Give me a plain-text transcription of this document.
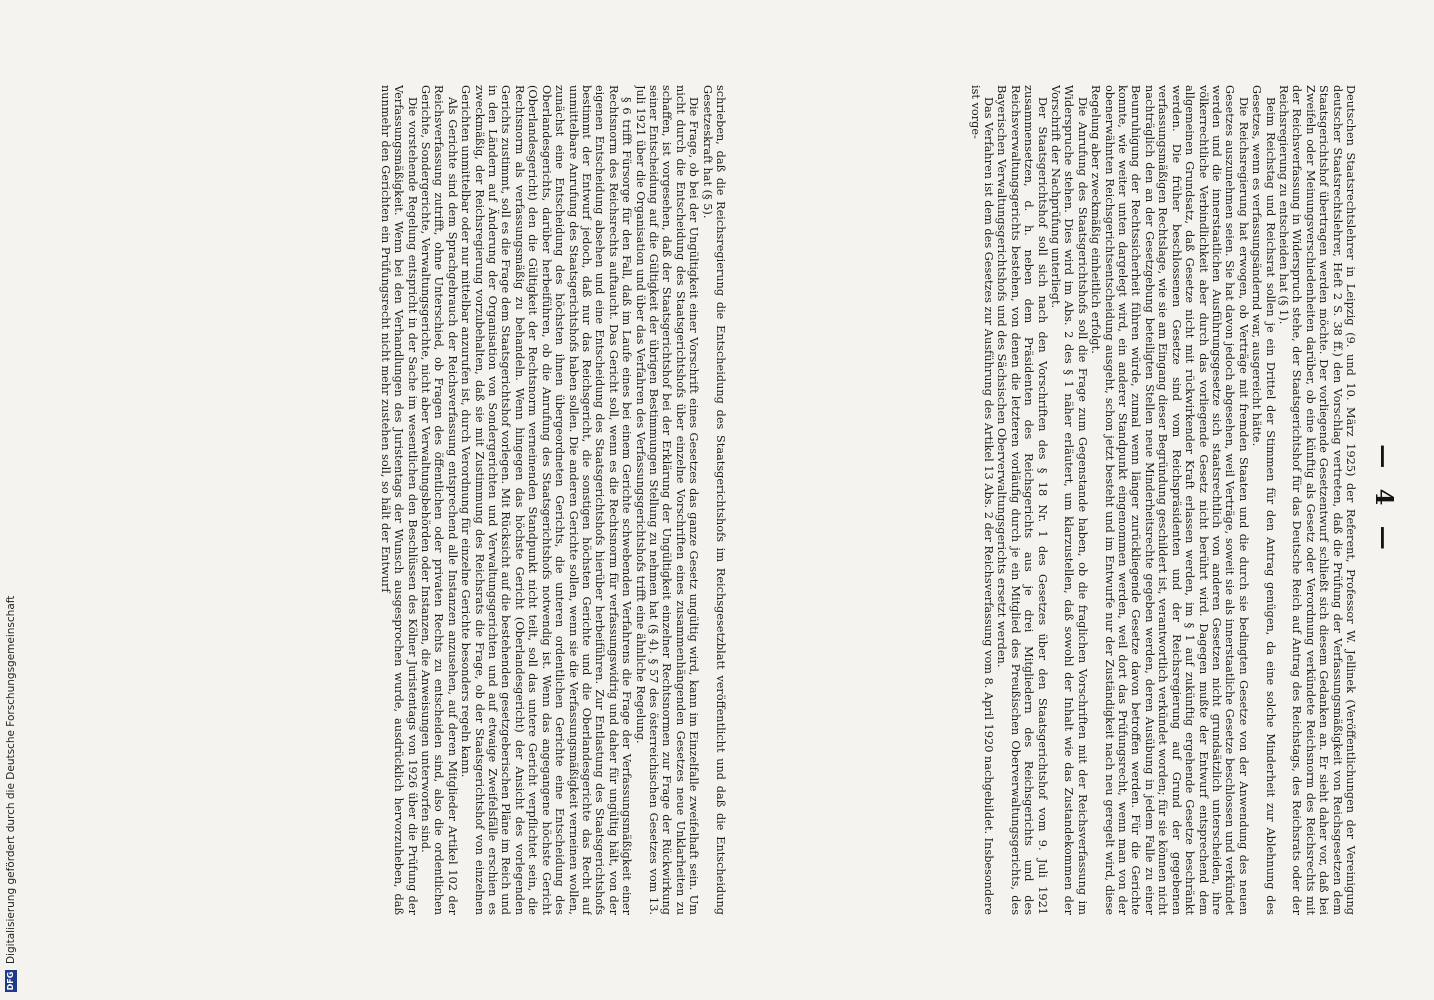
— 4 —

Deutschen Staatsrechtslehrer in Leipzig (9. und 10. März 1925) der Referent, Professor W. Jellinek (Veröffentlichungen der Vereinigung deutscher Staatsrechtslehrer, Heft 2 S. 38 ff.) den Vorschlag vertreten, daß die Prüfung der Verfassungsmäßigkeit von Reichsgesetzen dem Staatsgerichtshof übertragen werden möchte. Der vorliegende Gesetzentwurf schließt sich diesem Gedanken an. Er sieht daher vor, daß bei Zweifeln oder Meinungsverschiedenheiten darüber, ob eine künftig als Gesetz oder Verordnung verkündete Reichsnorm des Reichsrechts mit der Reichsverfassung in Widerspruch stehe, der Staatsgerichtshof für das Deutsche Reich auf Antrag des Reichstags, des Reichsrats oder der Reichsregierung zu entscheiden hat (§ 1).

Beim Reichstag und Reichsrat sollen je ein Drittel der Stimmen für den Antrag genügen, da eine solche Minderheit zur Ablehnung des Gesetzes, wenn es verfassungsändernd war, ausgereicht hätte.

Die Reichsregierung hat erwogen, ob Verträge mit fremden Staaten und die durch sie bedingten Gesetze von der Anwendung des neuen Gesetzes auszunehmen seien. Sie hat davon jedoch abgesehen, weil Verträge, soweit sie als innerstaatliche Gesetze beschlossen und verkündet werden und die innerstaatlichen Ausführungsgesetze sich staatsrechtlich von anderen Gesetzen nicht grundsätzlich unterscheiden, ihre völkerrechtliche Verbindlichkeit aber durch das vorliegende Gesetz nicht berührt wird. Dagegen mußte der Entwurf entsprechend dem allgemeinen Grundsatz, daß Gesetze nicht mit rückwirkender Kraft erlassen werden, im § 1 auf zukünftig ergehende Gesetze beschränkt werden. Die früher beschlossenen Gesetze sind vom Reichspräsidenten und der Reichsregierung auf Grund der gegebenen verfassungsmäßigen Rechtslage, wie sie am Eingang dieser Begründung geschildert ist, verantwortlich verkündet worden; für sie können nicht nachträglich den an der Gesetzgebung beteiligten Stellen neue Minderheitsrechte gegeben werden, deren Ausübung in jedem Falle zu einer Beunruhigung der Rechtssicherheit führen würde, zumal wenn länger zurückliegende Gesetze davon betroffen werden. Für die Gerichte konnte, wie weiter unten dargelegt wird, ein anderer Standpunkt eingenommen werden, weil dort das Prüfungsrecht, wenn man von der obenerwähnten Reichsgerichtsentscheidung ausgeht, schon jetzt besteht und im Entwurfe nur der Zuständigkeit nach neu geregelt wird, diese Regelung aber zweckmäßig einheitlich erfolgt.

Die Anrufung des Staatsgerichtshofs soll die Frage zum Gegenstande haben, ob die fraglichen Vorschriften mit der Reichsverfassung im Widerspruche stehen. Dies wird im Abs. 2 des § 1 näher erläutert, um klarzustellen, daß sowohl der Inhalt wie das Zustandekommen der Vorschrift der Nachprüfung unterliegt.

Der Staatsgerichtshof soll sich nach den Vorschriften des § 18 Nr. 1 des Gesetzes über den Staatsgerichtshof vom 9. Juli 1921 zusammensetzen, d. h. neben dem Präsidenten des Reichsgerichts aus je drei Mitgliedern des Reichsgerichts und des Reichsverwaltungsgerichts bestehen, von denen die letzteren vorläufig durch je ein Mitglied des Preußischen Oberverwaltungsgerichts, des Bayerischen Verwaltungsgerichtshofs und des Sächsischen Oberverwaltungsgerichts ersetzt werden.

Das Verfahren ist dem des Gesetzes zur Ausführung des Artikel 13 Abs. 2 der Reichsverfassung vom 8. April 1920 nachgebildet. Insbesondere ist vorge-

schrieben, daß die Reichsregierung die Entscheidung des Staatsgerichtshofs im Reichsgesetzblatt veröffentlicht und daß die Entscheidung Gesetzeskraft hat (§ 5).

Die Frage, ob bei der Ungültigkeit einer Vorschrift eines Gesetzes das ganze Gesetz ungültig wird, kann im Einzelfalle zweifelhaft sein. Um nicht durch die Entscheidung des Staatsgerichtshofs über einzelne Vorschriften eines zusammenhängenden Gesetzes neue Unklarheiten zu schaffen, ist vorgesehen, daß der Staatsgerichtshof bei der Erklärung der Ungültigkeit einzelner Rechtsnormen zur Frage der Rückwirkung seiner Entscheidung auf die Gültigkeit der übrigen Bestimmungen Stellung zu nehmen hat (§ 4). § 57 des österreichischen Gesetzes vom 13. Juli 1921 über die Organisation und über das Verfahren des Verfassungsgerichtshofs trifft eine ähnliche Regelung.

§ 6 trifft Fürsorge für den Fall, daß im Laufe eines bei einem Gerichte schwebenden Verfahrens die Frage der Verfassungsmäßigkeit einer Rechtsnorm des Reichsrechts auftaucht. Das Gericht soll, wenn es die Rechtsnorm für verfassungswidrig und daher für ungültig hält, von der eigenen Entscheidung absehen und eine Entscheidung des Staatsgerichtshofs hierüber herbeiführen. Zur Entlastung des Staatsgerichtshofs bestimmt der Entwurf jedoch, daß nur das Reichsgericht, die sonstigen höchsten Gerichte und die Oberlandesgerichte das Recht auf unmittelbare Anrufung des Staatsgerichtshofs haben sollen. Die anderen Gerichte sollen, wenn sie die Verfassungsmäßigkeit verneinen wollen, zunächst eine Entscheidung des höchsten ihnen übergeordneten Gerichts, die unteren ordentlichen Gerichte eine Entscheidung des Oberlandesgerichts, darüber herbeiführen, ob die Anrufung des Staatsgerichtshofs notwendig ist. Wenn das angegangene höchste Gericht (Oberlandesgericht) den die Gültigkeit der Rechtsnorm verneinenden Standpunkt nicht teilt, soll das untere Gericht verpflichtet sein, die Rechtsnorm als verfassungsmäßig zu behandeln. Wenn hingegen das höchste Gericht (Oberlandesgericht) der Ansicht des vorlegenden Gerichts zustimmt, soll es die Frage dem Staatsgerichtshof vorlegen. Mit Rücksicht auf die bestehenden gesetzgeberischen Pläne im Reich und in den Ländern auf Änderung der Organisation von Sondergerichten und Verwaltungsgerichten und auf etwaige Zweifelsfälle erschien es zweckmäßig, der Reichsregierung vorzubehalten, daß sie mit Zustimmung des Reichsrats die Frage, ob der Staatsgerichtshof von einzelnen Gerichten unmittelbar oder nur mittelbar anzurufen ist, durch Verordnung für einzelne Gerichte besonders regeln kann.

Als Gerichte sind dem Sprachgebrauch der Reichsverfassung entsprechend alle Instanzen anzusehen, auf deren Mitglieder Artikel 102 der Reichsverfassung zutrifft, ohne Unterschied, ob Fragen des öffentlichen oder privaten Rechts zu entscheiden sind, also die ordentlichen Gerichte, Sondergerichte, Verwaltungsgerichte, nicht aber Verwaltungsbehörden oder Instanzen, die Anweisungen unterworfen sind.

Die vorstehende Regelung entspricht in der Sache im wesentlichen den Beschlüssen des Kölner Juristentags von 1926 über die Prüfung der Verfassungsmäßigkeit. Wenn bei den Verhandlungen des Juristentags der Wunsch ausgesprochen wurde, ausdrücklich hervorzuheben, daß nunmehr den Gerichten ein Prüfungsrecht nicht mehr zustehen soll, so hält der Entwurf

DFGDigitalisierung gefördert durch die Deutsche Forschungsgemeinschaft
